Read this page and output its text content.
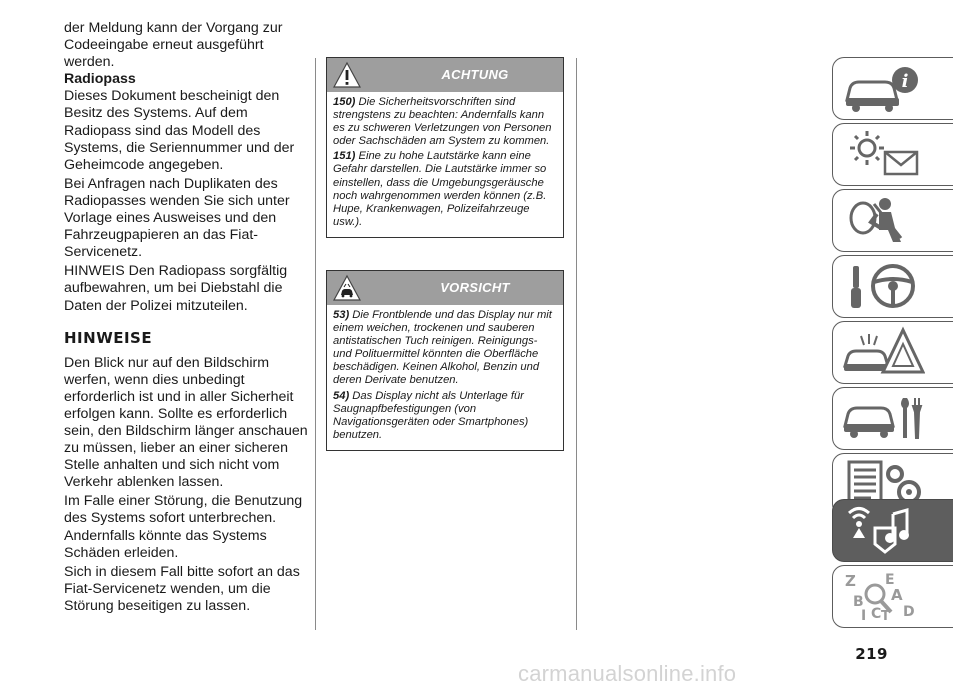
der Meldung kann der Vorgang zur Codeeingabe erneut ausgeführt werden.

Radiopass

Dieses Dokument bescheinigt den Besitz des Systems. Auf dem Radiopass sind das Modell des Systems, die Seriennummer und der Geheimcode angegeben.

Bei Anfragen nach Duplikaten des Radiopasses wenden Sie sich unter Vorlage eines Ausweises und den Fahrzeugpapieren an das Fiat-Servicenetz.

HINWEIS Den Radiopass sorgfältig aufbewahren, um bei Diebstahl die Daten der Polizei mitzuteilen.

HINWEISE

Den Blick nur auf den Bildschirm werfen, wenn dies unbedingt erforderlich ist und in aller Sicherheit erfolgen kann. Sollte es erforderlich sein, den Bildschirm länger anschauen zu müssen, lieber an einer sicheren Stelle anhalten und sich nicht vom Verkehr ablenken lassen.

Im Falle einer Störung, die Benutzung des Systems sofort unterbrechen. Andernfalls könnte das Systems Schäden erleiden.

Sich in diesem Fall bitte sofort an das Fiat-Servicenetz wenden, um die Störung beseitigen zu lassen.

ACHTUNG

150) Die Sicherheitsvorschriften sind strengstens zu beachten: Andernfalls kann es zu schweren Verletzungen von Personen oder Sachschäden am System zu kommen.

151) Eine zu hohe Lautstärke kann eine Gefahr darstellen. Die Lautstärke immer so einstellen, dass die Umgebungsgeräusche noch wahrgenommen werden können (z.B. Hupe, Krankenwagen, Polizeifahrzeuge usw.).

VORSICHT

53) Die Frontblende und das Display nur mit einem weichen, trockenen und sauberen antistatischen Tuch reinigen. Reinigungs- und Polituermittel könnten die Oberfläche beschädigen. Keinen Alkohol, Benzin und deren Derivate benutzen.

54) Das Display nicht als Unterlage für Saugnapfbefestigungen (von Navigationsgeräten oder Smartphones) benutzen.

i
Z E
A
B
I C T D
219
carmanualsonline.info
